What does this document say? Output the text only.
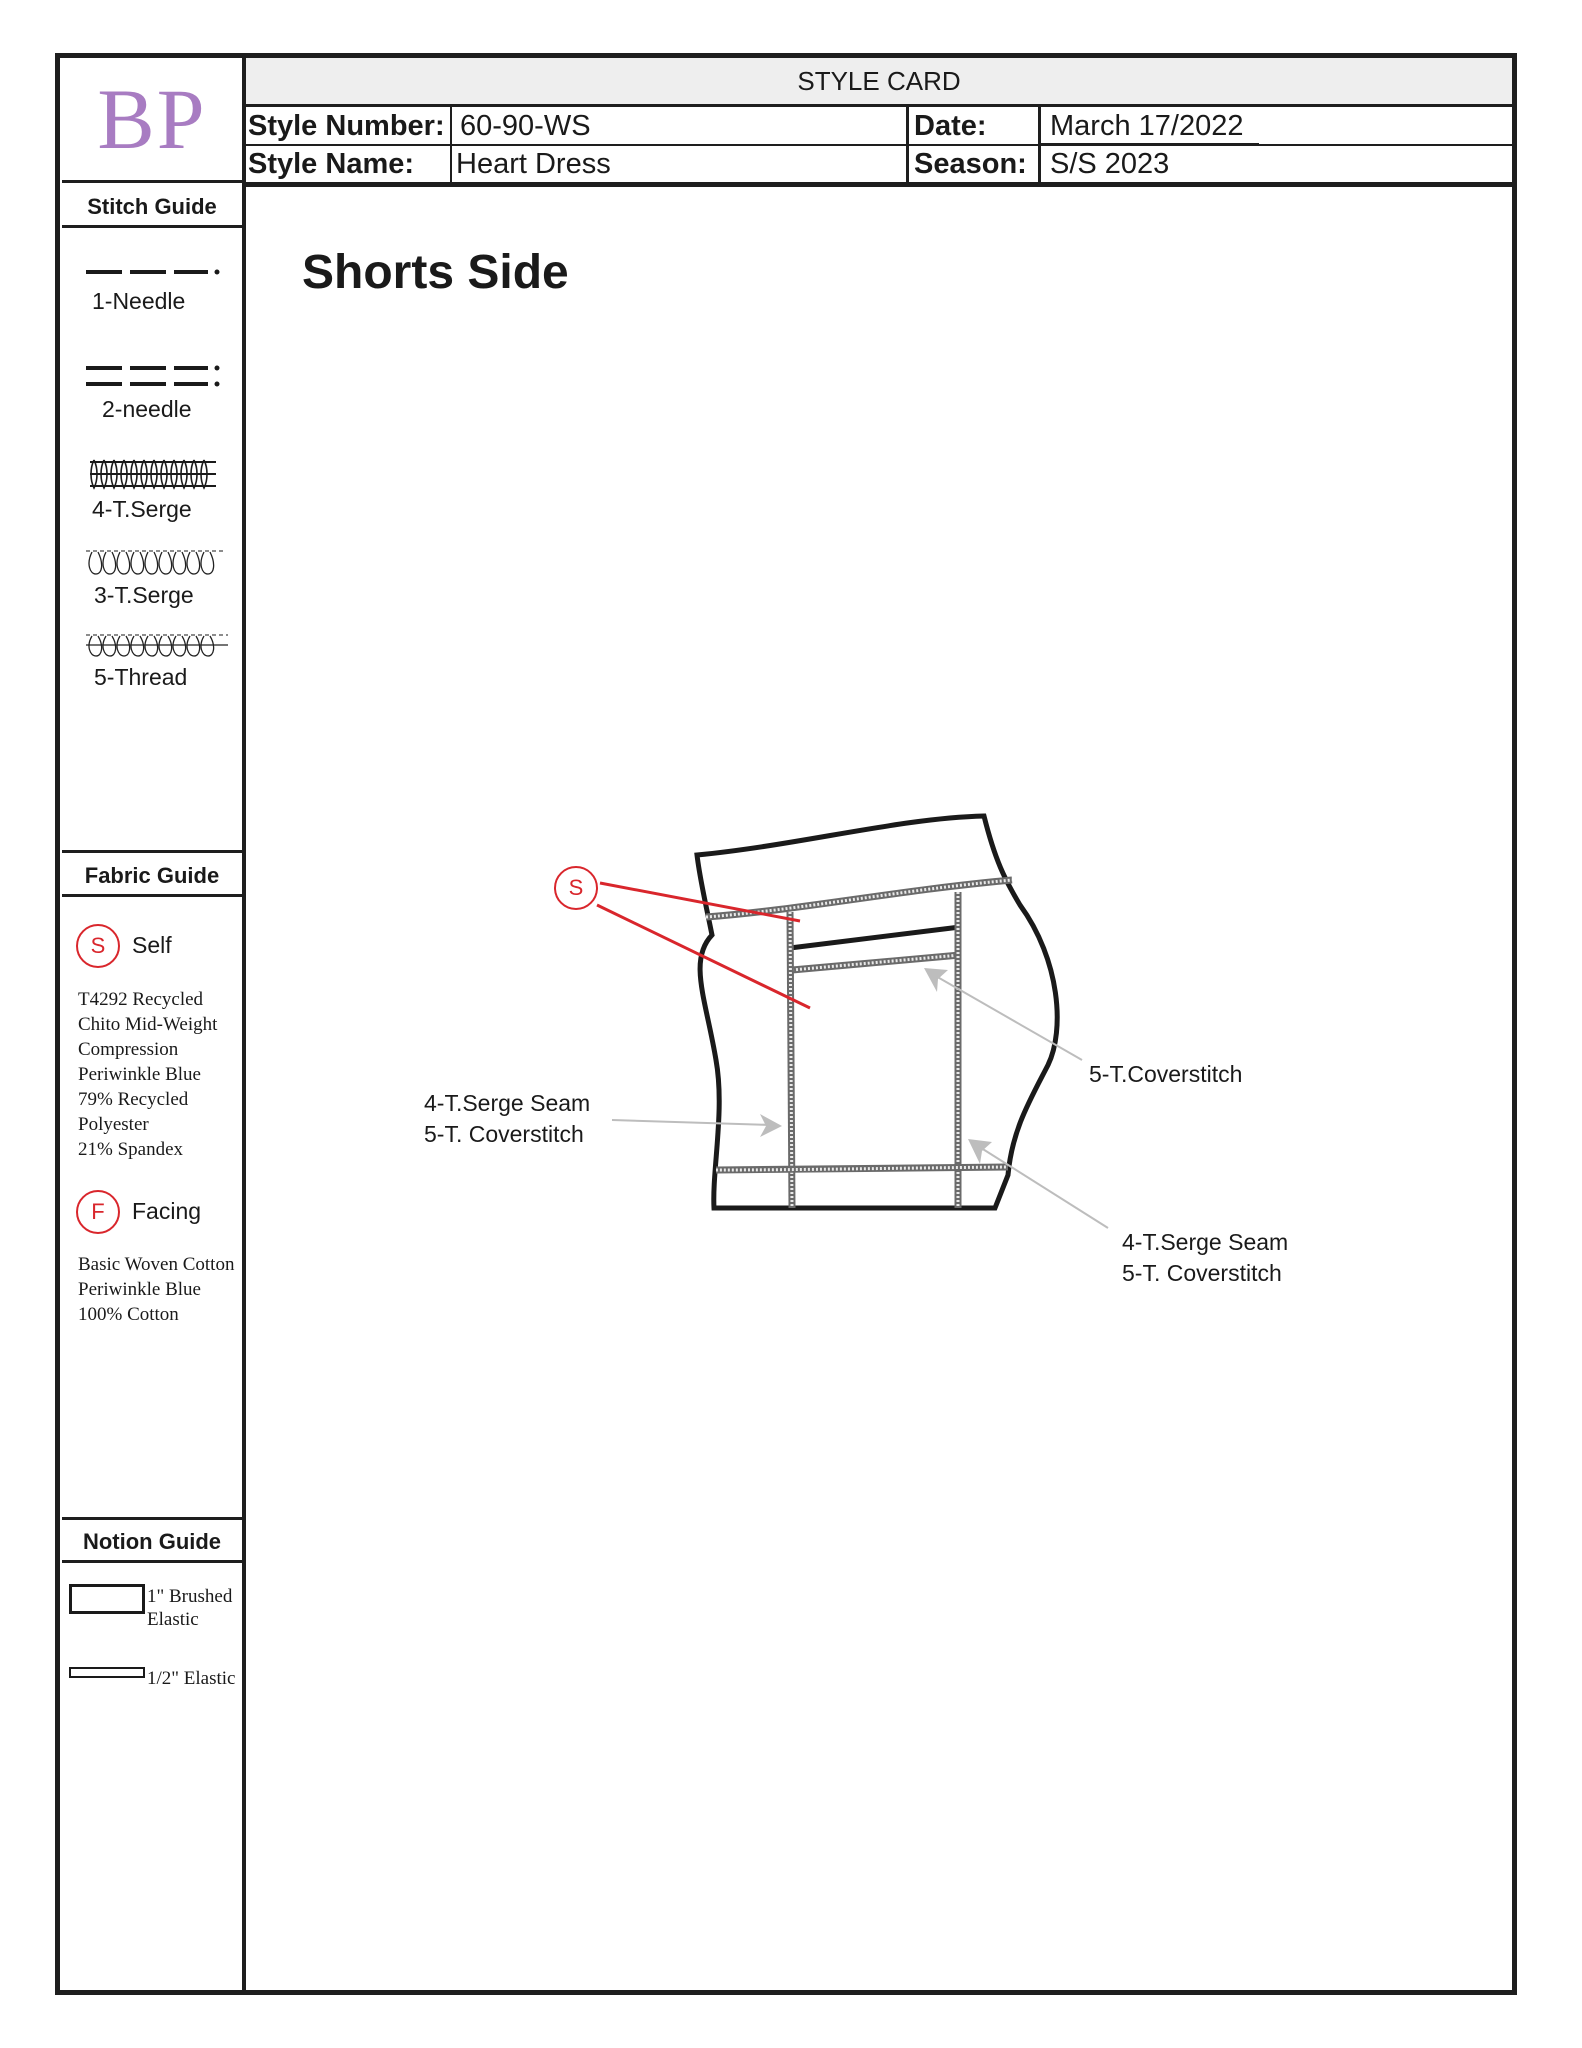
BP	STYLE CARD
Style Number: 60-90-WS	Date: March 17/2022
Style Name: Heart Dress	Season: S/S 2023
Stitch Guide
1-Needle
2-needle
4-T.Serge
3-T.Serge
5-Thread
Fabric Guide
S	Self
T4292 Recycled
Chito Mid-Weight
Compression
Periwinkle Blue
79% Recycled
Polyester
21% Spandex
F	Facing
Basic Woven Cotton
Periwinkle Blue
100% Cotton
Notion Guide
1" Brushed
Elastic
1/2" Elastic
Shorts Side
S
4-T.Serge Seam
5-T. Coverstitch
5-T.Coverstitch
4-T.Serge Seam
5-T. Coverstitch
